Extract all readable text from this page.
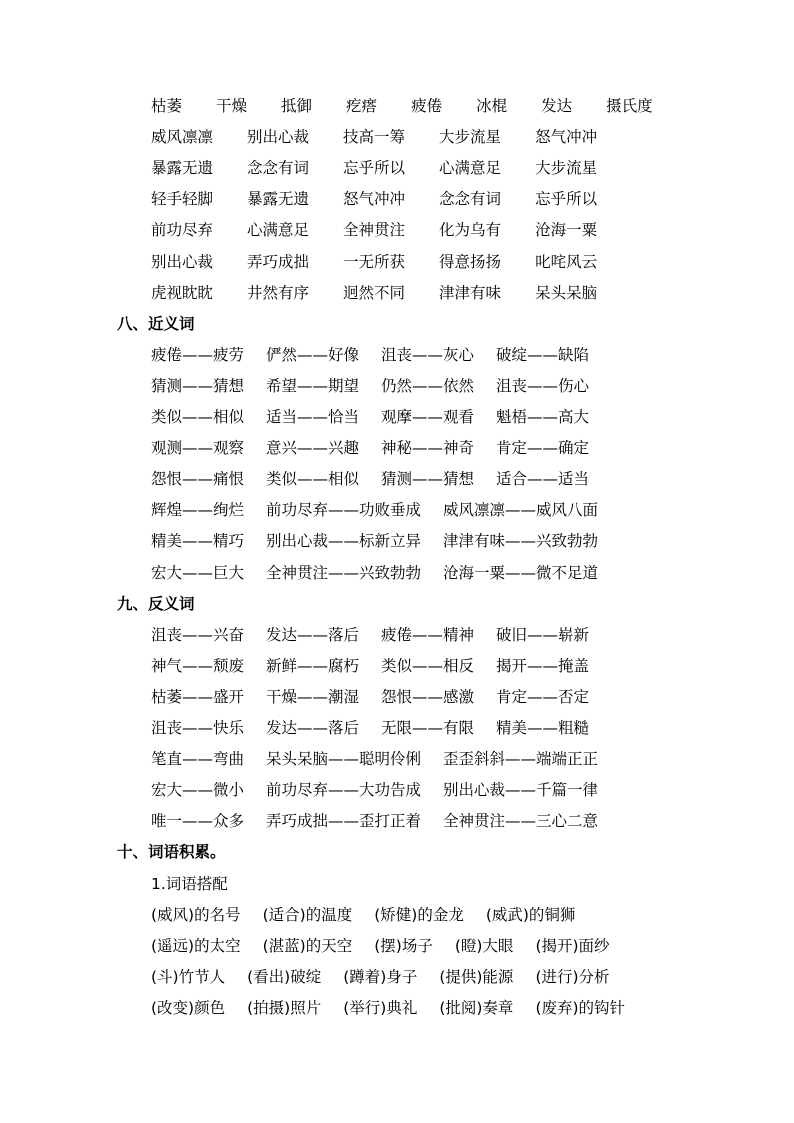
枯萎 干燥 抵御 疙瘩 疲倦 冰棍 发达 摄氏度
威风凛凛 别出心裁 技高一筹 大步流星 怒气冲冲
暴露无遗 念念有词 忘乎所以 心满意足 大步流星
轻手轻脚 暴露无遗 怒气冲冲 念念有词 忘乎所以
前功尽弃 心满意足 全神贯注 化为乌有 沧海一粟
别出心裁 弄巧成拙 一无所获 得意扬扬 叱咤风云
虎视眈眈 井然有序 迥然不同 津津有味 呆头呆脑
八、近义词
疲倦——疲劳 俨然——好像 沮丧——灰心 破绽——缺陷
猜测——猜想 希望——期望 仍然——依然 沮丧——伤心
类似——相似 适当——恰当 观摩——观看 魁梧——高大
观测——观察 意兴——兴趣 神秘——神奇 肯定——确定
怨恨——痛恨 类似——相似 猜测——猜想 适合——适当
辉煌——绚烂 前功尽弃——功败垂成 威风凛凛——威风八面
精美——精巧 别出心裁——标新立异 津津有味——兴致勃勃
宏大——巨大 全神贯注——兴致勃勃 沧海一粟——微不足道
九、反义词
沮丧——兴奋 发达——落后 疲倦——精神 破旧——崭新
神气——颓废 新鲜——腐朽 类似——相反 揭开——掩盖
枯萎——盛开 干燥——潮湿 怨恨——感激 肯定——否定
沮丧——快乐 发达——落后 无限——有限 精美——粗糙
笔直——弯曲 呆头呆脑——聪明伶俐 歪歪斜斜——端端正正
宏大——微小 前功尽弃——大功告成 别出心裁——千篇一律
唯一——众多 弄巧成拙——歪打正着 全神贯注——三心二意
十、词语积累。
1.词语搭配
(威风)的名号 (适合)的温度 (矫健)的金龙 (威武)的铜狮
(遥远)的太空 (湛蓝)的天空 (摆)场子 (瞪)大眼 (揭开)面纱
(斗)竹节人 (看出)破绽 (蹲着)身子 (提供)能源 (进行)分析
(改变)颜色 (拍摄)照片 (举行)典礼 (批阅)奏章 (废弃)的钩针
